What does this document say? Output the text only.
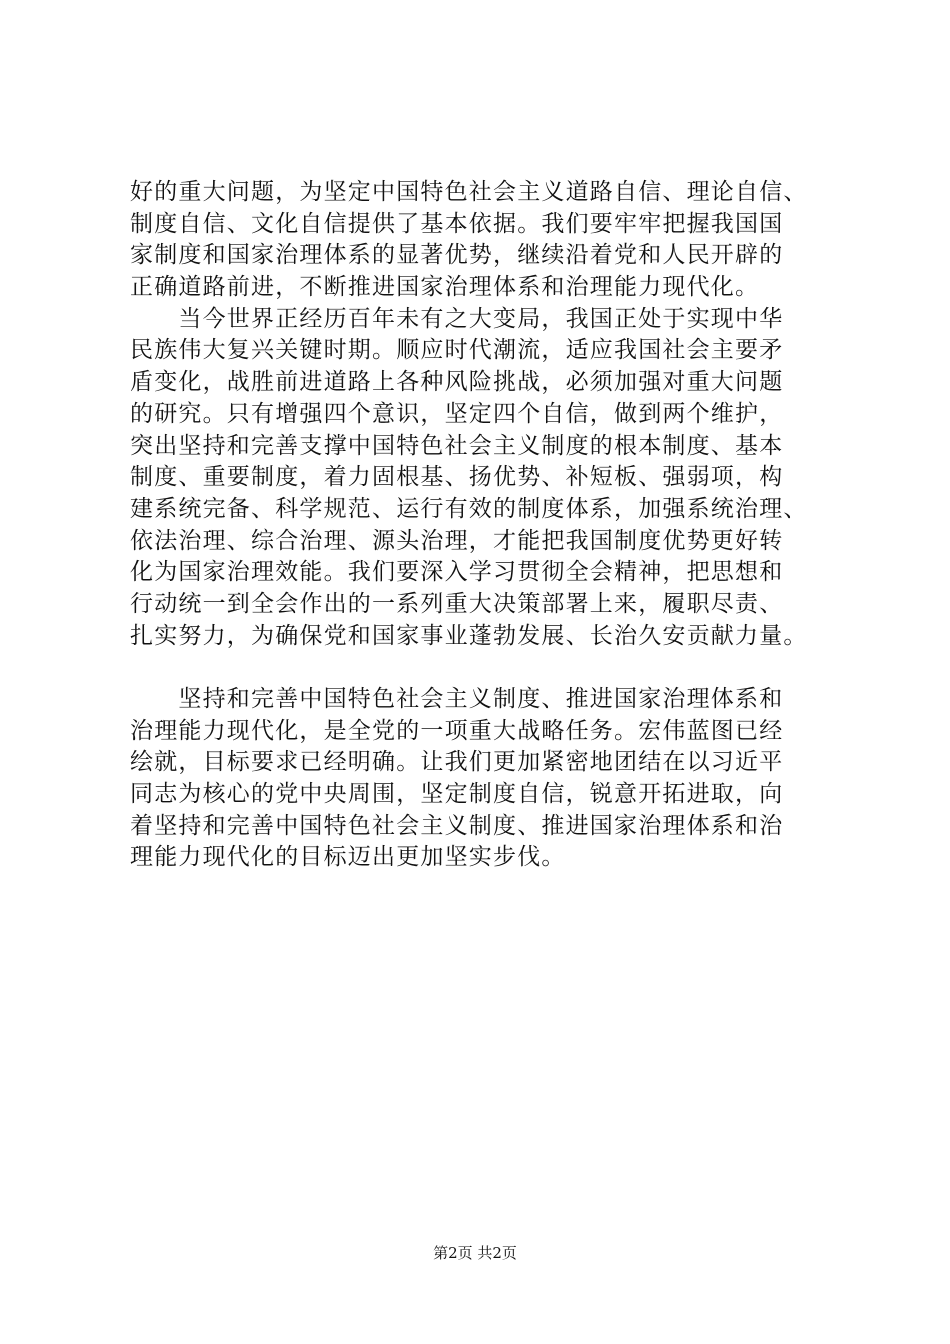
好的重大问题，为坚定中国特色社会主义道路自信、理论自信、
制度自信、文化自信提供了基本依据。我们要牢牢把握我国国
家制度和国家治理体系的显著优势，继续沿着党和人民开辟的
正确道路前进，不断推进国家治理体系和治理能力现代化。
　　当今世界正经历百年未有之大变局，我国正处于实现中华
民族伟大复兴关键时期。顺应时代潮流，适应我国社会主要矛
盾变化，战胜前进道路上各种风险挑战，必须加强对重大问题
的研究。只有增强四个意识，坚定四个自信，做到两个维护，
突出坚持和完善支撑中国特色社会主义制度的根本制度、基本
制度、重要制度，着力固根基、扬优势、补短板、强弱项，构
建系统完备、科学规范、运行有效的制度体系，加强系统治理、
依法治理、综合治理、源头治理，才能把我国制度优势更好转
化为国家治理效能。我们要深入学习贯彻全会精神，把思想和
行动统一到全会作出的一系列重大决策部署上来，履职尽责、
扎实努力，为确保党和国家事业蓬勃发展、长治久安贡献力量。
　　坚持和完善中国特色社会主义制度、推进国家治理体系和
治理能力现代化，是全党的一项重大战略任务。宏伟蓝图已经
绘就，目标要求已经明确。让我们更加紧密地团结在以习近平
同志为核心的党中央周围，坚定制度自信，锐意开拓进取，向
着坚持和完善中国特色社会主义制度、推进国家治理体系和治
理能力现代化的目标迈出更加坚实步伐。
第2页 共2页
